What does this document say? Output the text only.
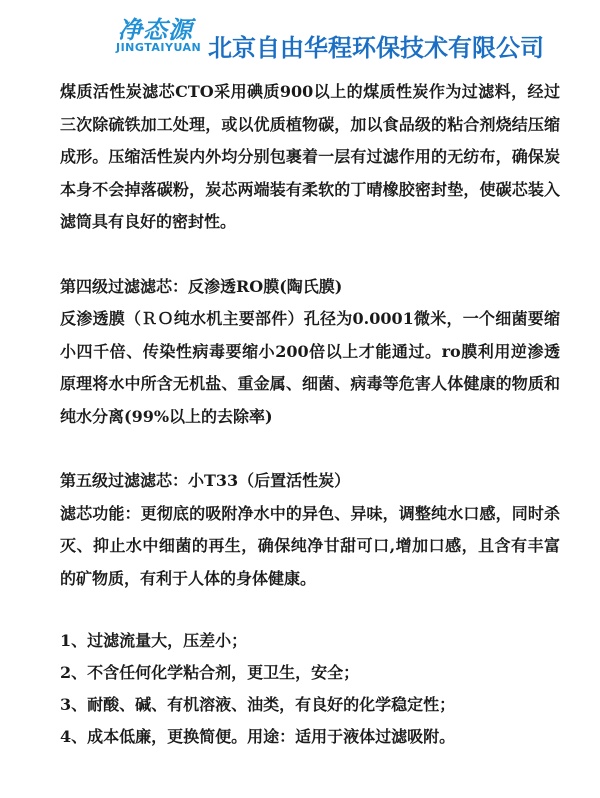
净态源
JINGTAIYUAN 北京自由华程环保技术有限公司

煤质活性炭滤芯CTO采用碘质900以上的煤质性炭作为过滤料，经过三次除硫铁加工处理，或以优质植物碳，加以食品级的粘合剂烧结压缩成形。压缩活性炭内外均分别包裹着一层有过滤作用的无纺布，确保炭本身不会掉落碳粉，炭芯两端装有柔软的丁晴橡胶密封垫，使碳芯装入滤筒具有良好的密封性。

第四级过滤滤芯：反渗透RO膜(陶氏膜)

反渗透膜（ＲＯ纯水机主要部件）孔径为0.0001微米，一个细菌要缩小四千倍、传染性病毒要缩小200倍以上才能通过。ro膜利用逆渗透原理将水中所含无机盐、重金属、细菌、病毒等危害人体健康的物质和纯水分离(99%以上的去除率)

第五级过滤滤芯：小T33（后置活性炭）

滤芯功能：更彻底的吸附净水中的异色、异味，调整纯水口感，同时杀灭、抑止水中细菌的再生，确保纯净甘甜可口,增加口感，且含有丰富的矿物质，有利于人体的身体健康。

1、过滤流量大，压差小；

2、不含任何化学粘合剂，更卫生，安全；

3、耐酸、碱、有机溶液、油类，有良好的化学稳定性；

4、成本低廉，更换简便。用途：适用于液体过滤吸附。
